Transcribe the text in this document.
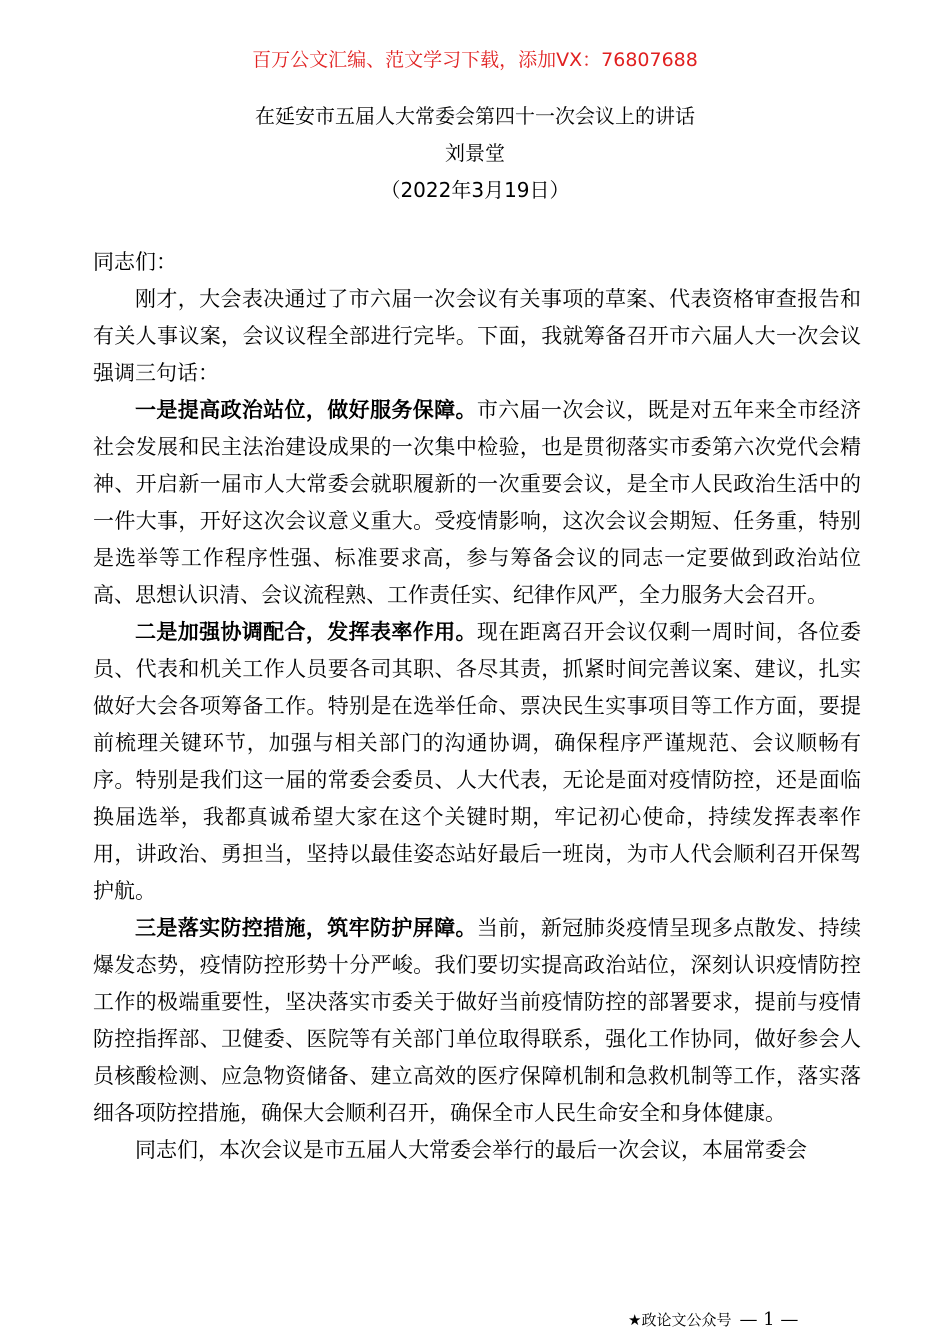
百万公文汇编、范文学习下载，添加VX：76807688
在延安市五届人大常委会第四十一次会议上的讲话
刘景堂
（2022年3月19日）

同志们：

刚才，大会表决通过了市六届一次会议有关事项的草案、代表资格审查报告和有关人事议案，会议议程全部进行完毕。下面，我就筹备召开市六届人大一次会议强调三句话：

一是提高政治站位，做好服务保障。市六届一次会议，既是对五年来全市经济社会发展和民主法治建设成果的一次集中检验，也是贯彻落实市委第六次党代会精神、开启新一届市人大常委会就职履新的一次重要会议，是全市人民政治生活中的一件大事，开好这次会议意义重大。受疫情影响，这次会议会期短、任务重，特别是选举等工作程序性强、标准要求高，参与筹备会议的同志一定要做到政治站位高、思想认识清、会议流程熟、工作责任实、纪律作风严，全力服务大会召开。

二是加强协调配合，发挥表率作用。现在距离召开会议仅剩一周时间，各位委员、代表和机关工作人员要各司其职、各尽其责，抓紧时间完善议案、建议，扎实做好大会各项筹备工作。特别是在选举任命、票决民生实事项目等工作方面，要提前梳理关键环节，加强与相关部门的沟通协调，确保程序严谨规范、会议顺畅有序。特别是我们这一届的常委会委员、人大代表，无论是面对疫情防控，还是面临换届选举，我都真诚希望大家在这个关键时期，牢记初心使命，持续发挥表率作用，讲政治、勇担当，坚持以最佳姿态站好最后一班岗，为市人代会顺利召开保驾护航。

三是落实防控措施，筑牢防护屏障。当前，新冠肺炎疫情呈现多点散发、持续爆发态势，疫情防控形势十分严峻。我们要切实提高政治站位，深刻认识疫情防控工作的极端重要性，坚决落实市委关于做好当前疫情防控的部署要求，提前与疫情防控指挥部、卫健委、医院等有关部门单位取得联系，强化工作协同，做好参会人员核酸检测、应急物资储备、建立高效的医疗保障机制和急救机制等工作，落实落细各项防控措施，确保大会顺利召开，确保全市人民生命安全和身体健康。

同志们，本次会议是市五届人大常委会举行的最后一次会议，本届常委会

★政论文公众号 — 1 —
